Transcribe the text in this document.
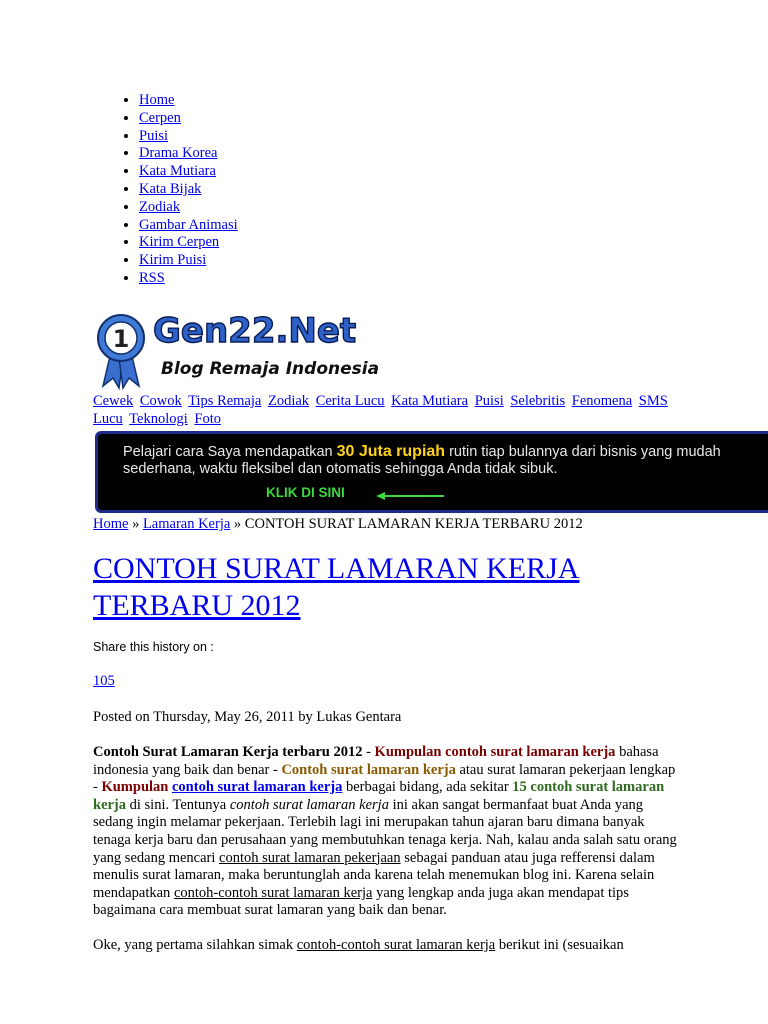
• Home
• Cerpen
• Puisi
• Drama Korea
• Kata Mutiara
• Kata Bijak
• Zodiak
• Gambar Animasi
• Kirim Cerpen
• Kirim Puisi
• RSS
1 Gen22.Net
Blog Remaja Indonesia
Cewek Cowok Tips Remaja Zodiak Cerita Lucu Kata Mutiara Puisi Selebritis Fenomena SMS Lucu Teknologi Foto
Pelajari cara Saya mendapatkan 30 Juta rupiah rutin tiap bulannya dari bisnis yang mudah
sederhana, waktu fleksibel dan otomatis sehingga Anda tidak sibuk.
KLIK DI SINI
Home » Lamaran Kerja » CONTOH SURAT LAMARAN KERJA TERBARU 2012
CONTOH SURAT LAMARAN KERJA TERBARU 2012
Share this history on :
105
Posted on Thursday, May 26, 2011 by Lukas Gentara

Contoh Surat Lamaran Kerja terbaru 2012 - Kumpulan contoh surat lamaran kerja bahasa indonesia yang baik dan benar - Contoh surat lamaran kerja atau surat lamaran pekerjaan lengkap - Kumpulan contoh surat lamaran kerja berbagai bidang, ada sekitar 15 contoh surat lamaran kerja di sini. Tentunya contoh surat lamaran kerja ini akan sangat bermanfaat buat Anda yang sedang ingin melamar pekerjaan. Terlebih lagi ini merupakan tahun ajaran baru dimana banyak tenaga kerja baru dan perusahaan yang membutuhkan tenaga kerja. Nah, kalau anda salah satu orang yang sedang mencari contoh surat lamaran pekerjaan sebagai panduan atau juga refferensi dalam menulis surat lamaran, maka beruntunglah anda karena telah menemukan blog ini. Karena selain mendapatkan contoh-contoh surat lamaran kerja yang lengkap anda juga akan mendapat tips bagaimana cara membuat surat lamaran yang baik dan benar.

Oke, yang pertama silahkan simak contoh-contoh surat lamaran kerja berikut ini (sesuaikan
